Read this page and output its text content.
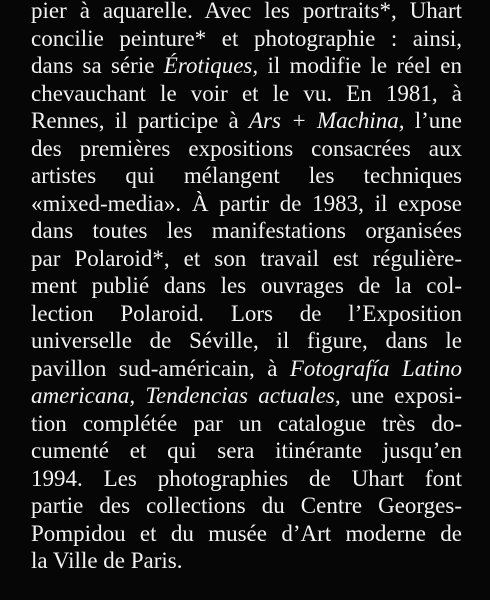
pier à aquarelle. Avec les portraits*, Uhart
concilie peinture* et photographie : ainsi,
dans sa série Érotiques, il modifie le réel en
chevauchant le voir et le vu. En 1981, à
Rennes, il participe à Ars + Machina, l’une
des premières expositions consacrées aux
artistes qui mélangent les techniques
«mixed-media». À partir de 1983, il expose
dans toutes les manifestations organisées
par Polaroid*, et son travail est régulière-
ment publié dans les ouvrages de la col-
lection Polaroid. Lors de l’Exposition
universelle de Séville, il figure, dans le
pavillon sud-américain, à Fotografía Latino
americana, Tendencias actuales, une exposi-
tion complétée par un catalogue très do-
cumenté et qui sera itinérante jusqu’en
1994. Les photographies de Uhart font
partie des collections du Centre Georges-
Pompidou et du musée d’Art moderne de
la Ville de Paris.
